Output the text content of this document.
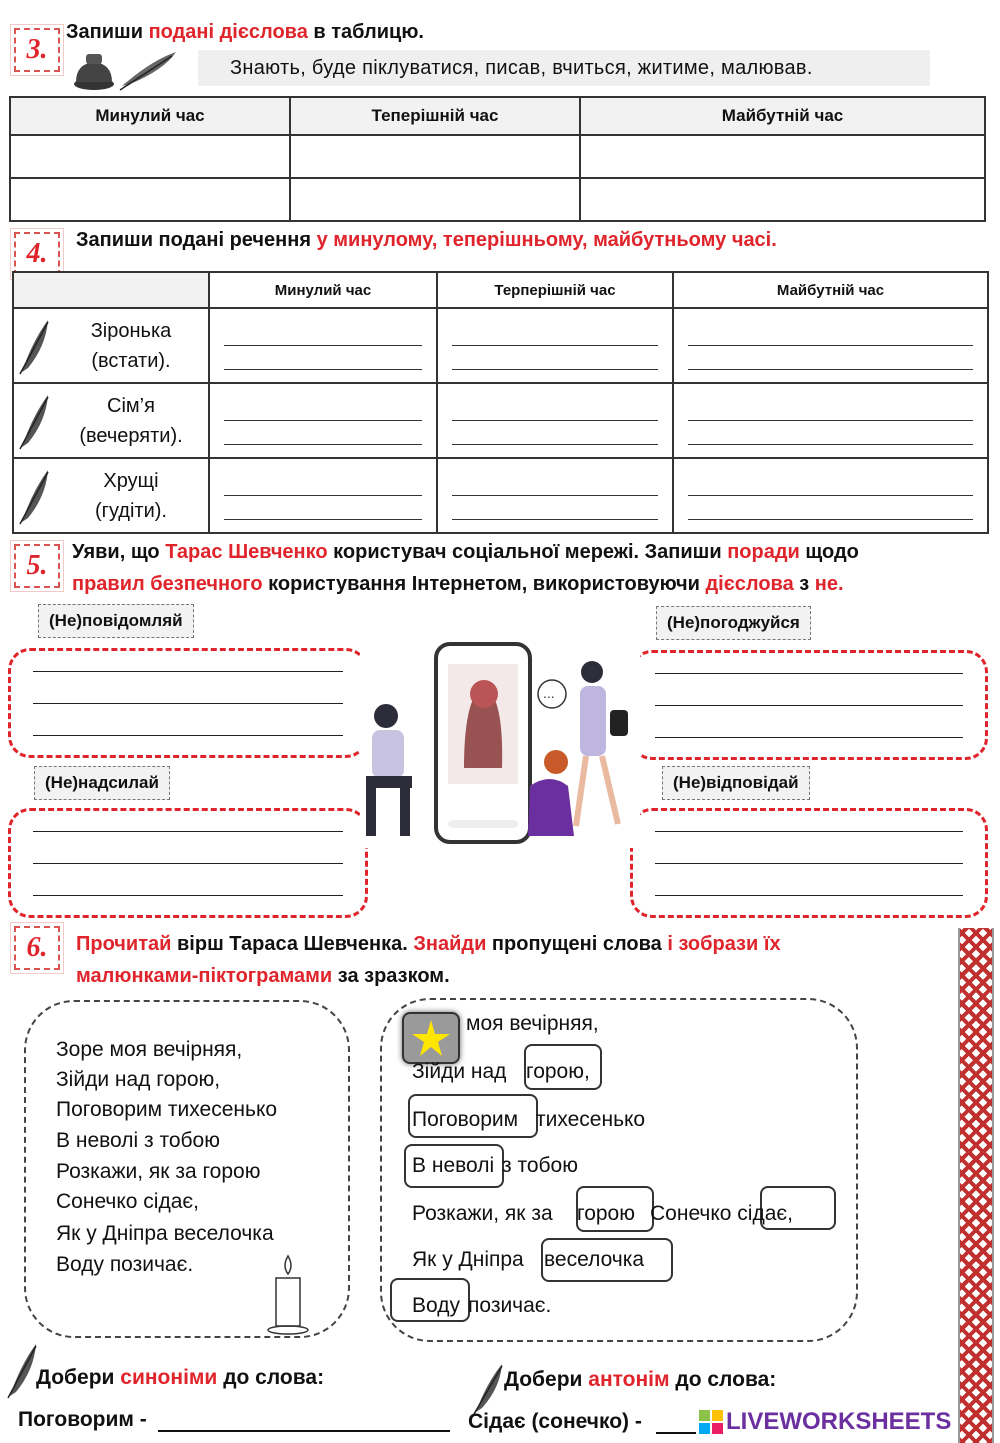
3.
Запиши подані дієслова в таблицю.
Знають, буде піклуватися, писав, вчиться, житиме, малював.
Минулий час	Теперішній час	Майбутній час

4.	Запиши подані речення у минулому, теперішньому, майбутньому часі.
	Минулий час	Терперішній час	Майбутній час

Зіронька
(встати).			

Сім’я
(вечеряти).			

Хрущі
(гудіти).			

5.	Уяви, що Тарас Шевченко користувач соціальної мережі. Запиши поради щодо
правил безпечного користування Інтернетом, використовуючи дієслова з не.
(Не)повідомляй	(Не)погоджуйся
(Не)надсилай	(Не)відповідай
...
6.	Прочитай вірш Тараса Шевченка. Знайди пропущені слова і зобрази їх
малюнками-піктограмами за зразком.
Зоре моя вечірняя,
Зійди над горою,
Поговорим тихесенько
В неволі з тобою
Розкажи, як за горою
Сонечко сідає,
Як у Дніпра веселочка
Воду позичає.
моя вечірняя,
Зійди над горою,
Поговорим тихесенько
В неволі з тобою
Розкажи, як за горою Сонечко сідає,
Як у Дніпра веселочка
Воду позичає.
Добери синоніми до слова:	Добери антонім до слова:
Поговорим -	Сідає (сонечко) -	LIVEWORKSHEETS
